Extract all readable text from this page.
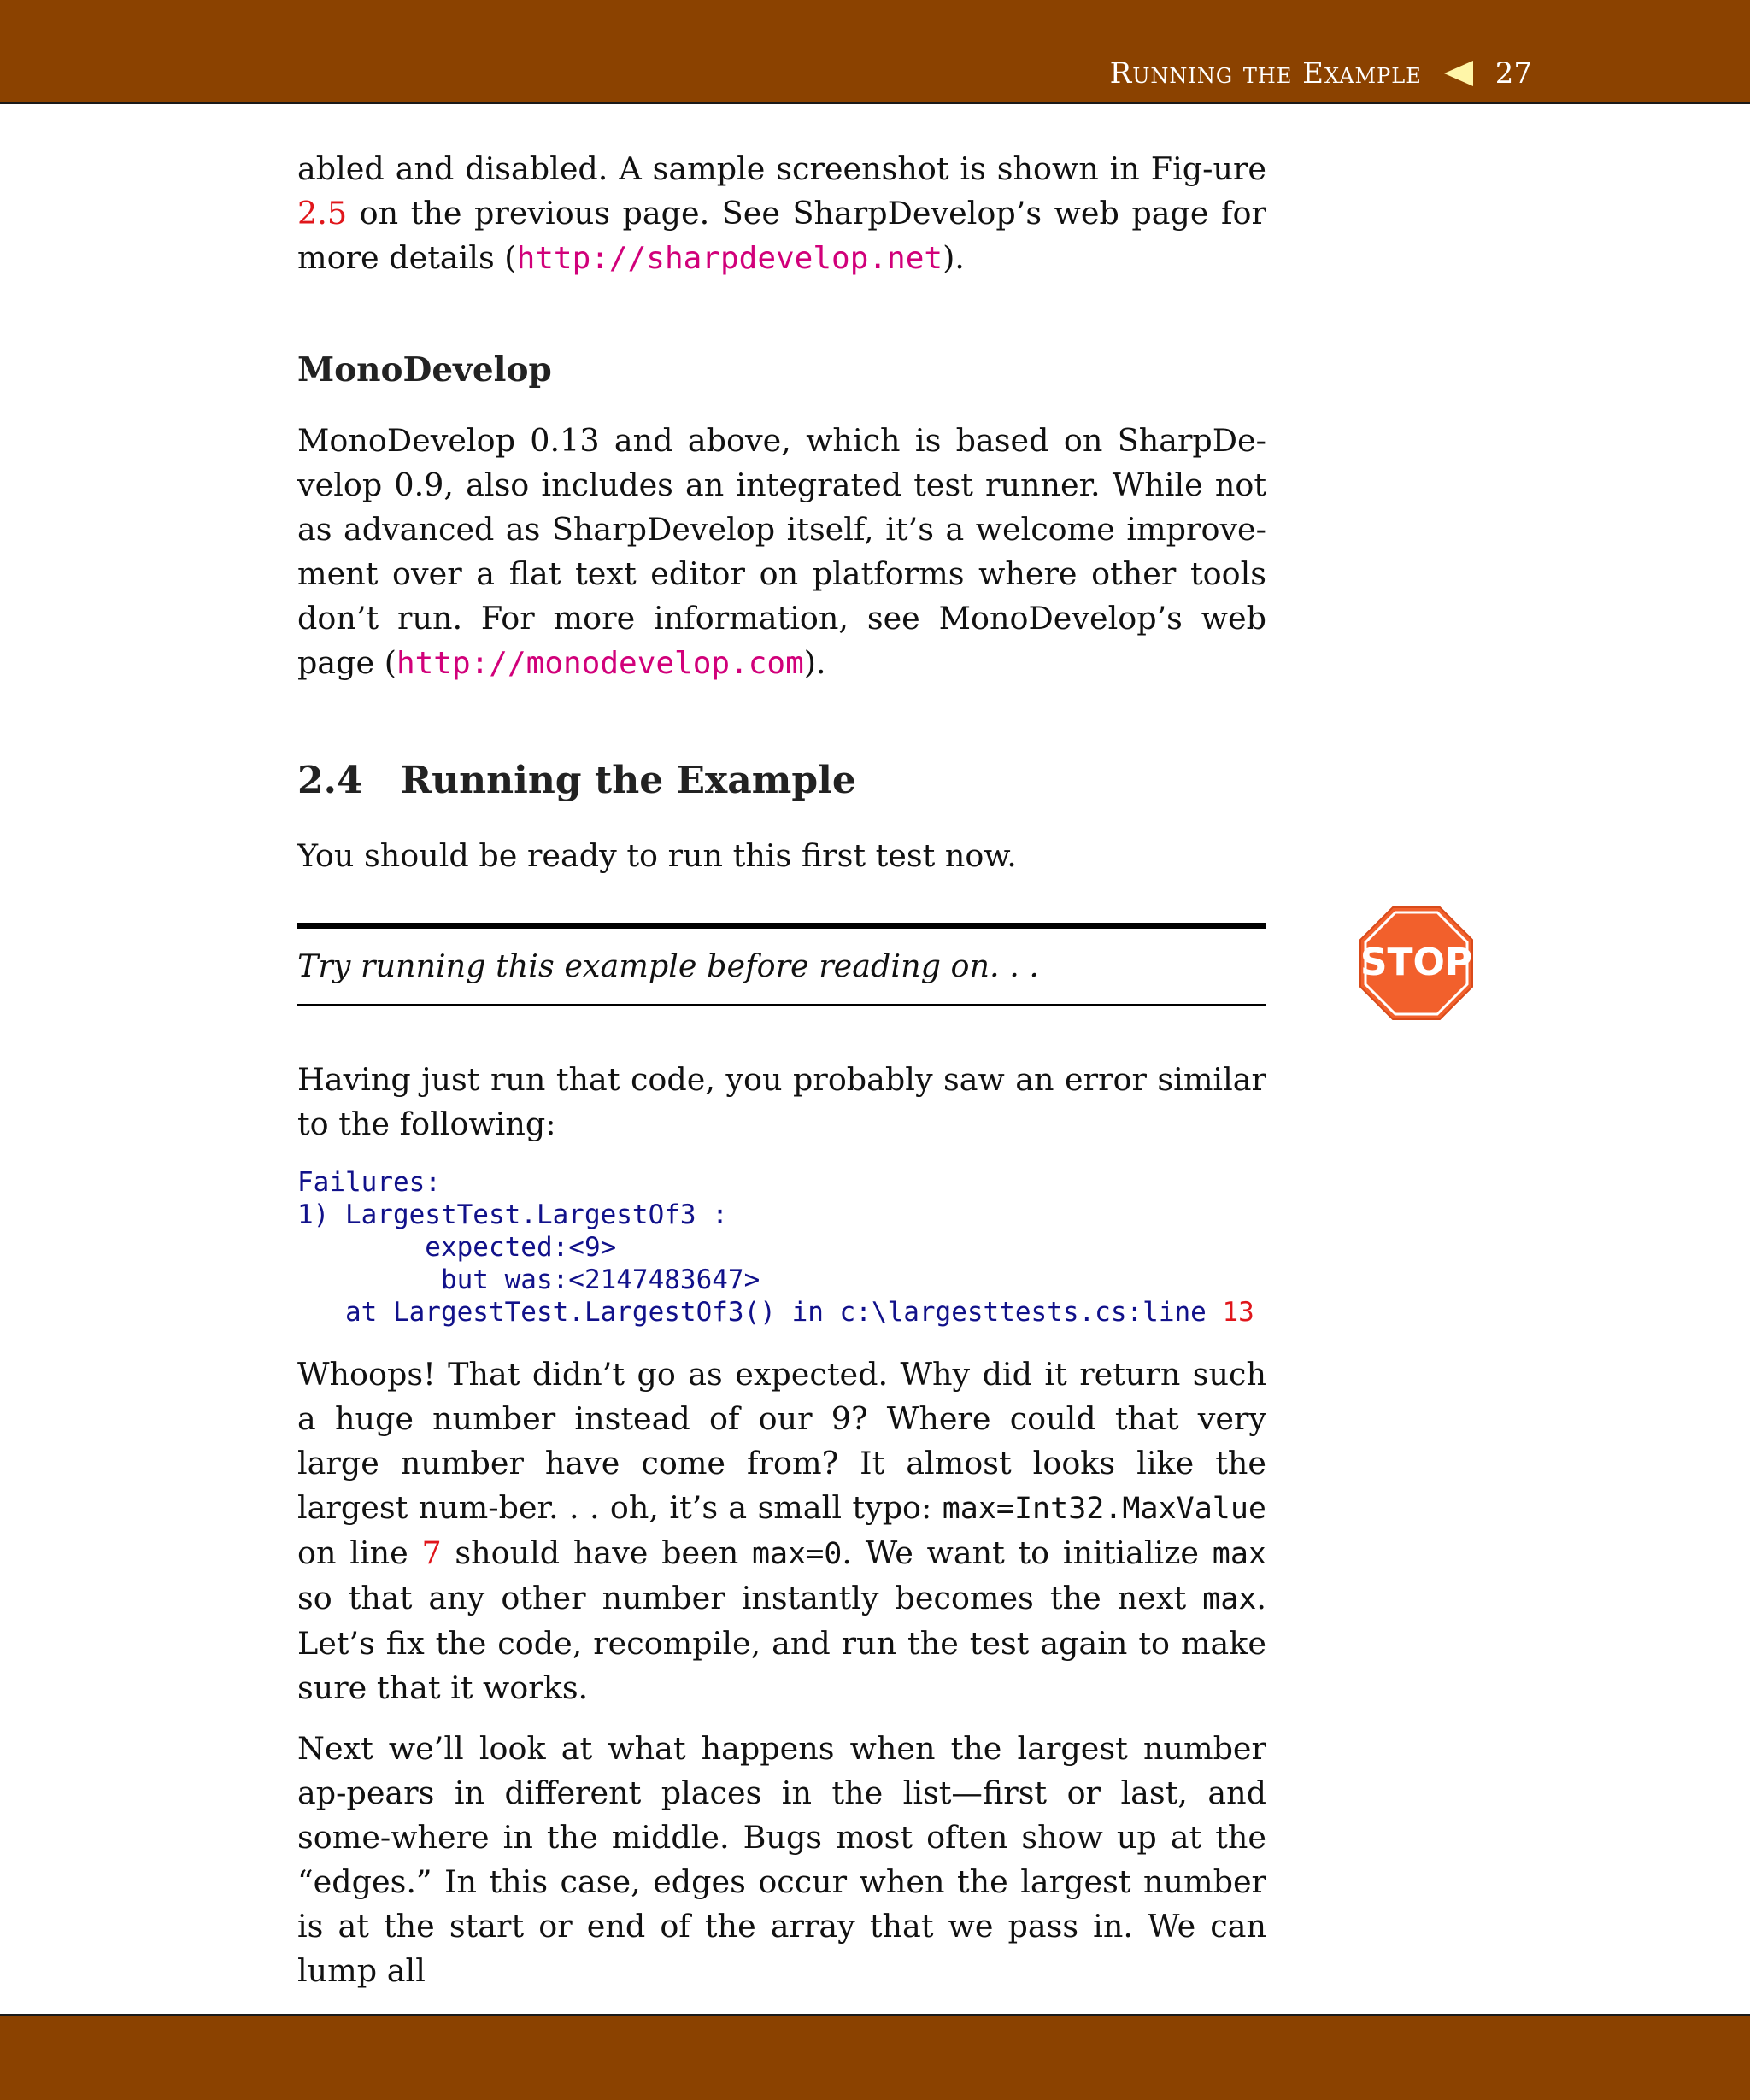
Running the Example	27

abled and disabled. A sample screenshot is shown in Fig-ure 2.5 on the previous page. See SharpDevelop’s web page for more details (http://sharpdevelop.net).

MonoDevelop

MonoDevelop 0.13 and above, which is based on SharpDe-velop 0.9, also includes an integrated test runner. While not as advanced as SharpDevelop itself, it’s a welcome improve-ment over a flat text editor on platforms where other tools don’t run. For more information, see MonoDevelop’s web page (http://monodevelop.com).

2.4 Running the Example

You should be ready to run this first test now.

Try running this example before reading on. . .	STOP

Having just run that code, you probably saw an error similar to the following:

Failures:
1) LargestTest.LargestOf3 :
expected:<9>
but was:<2147483647>
at LargestTest.LargestOf3() in c:\largesttests.cs:line 13

Whoops! That didn’t go as expected. Why did it return such a huge number instead of our 9? Where could that very large number have come from? It almost looks like the largest num-ber. . . oh, it’s a small typo: max=Int32.MaxValue on line 7 should have been max=0. We want to initialize max so that any other number instantly becomes the next max. Let’s fix the code, recompile, and run the test again to make sure that it works.

Next we’ll look at what happens when the largest number ap-pears in different places in the list—first or last, and some-where in the middle. Bugs most often show up at the “edges.” In this case, edges occur when the largest number is at the start or end of the array that we pass in. We can lump all
